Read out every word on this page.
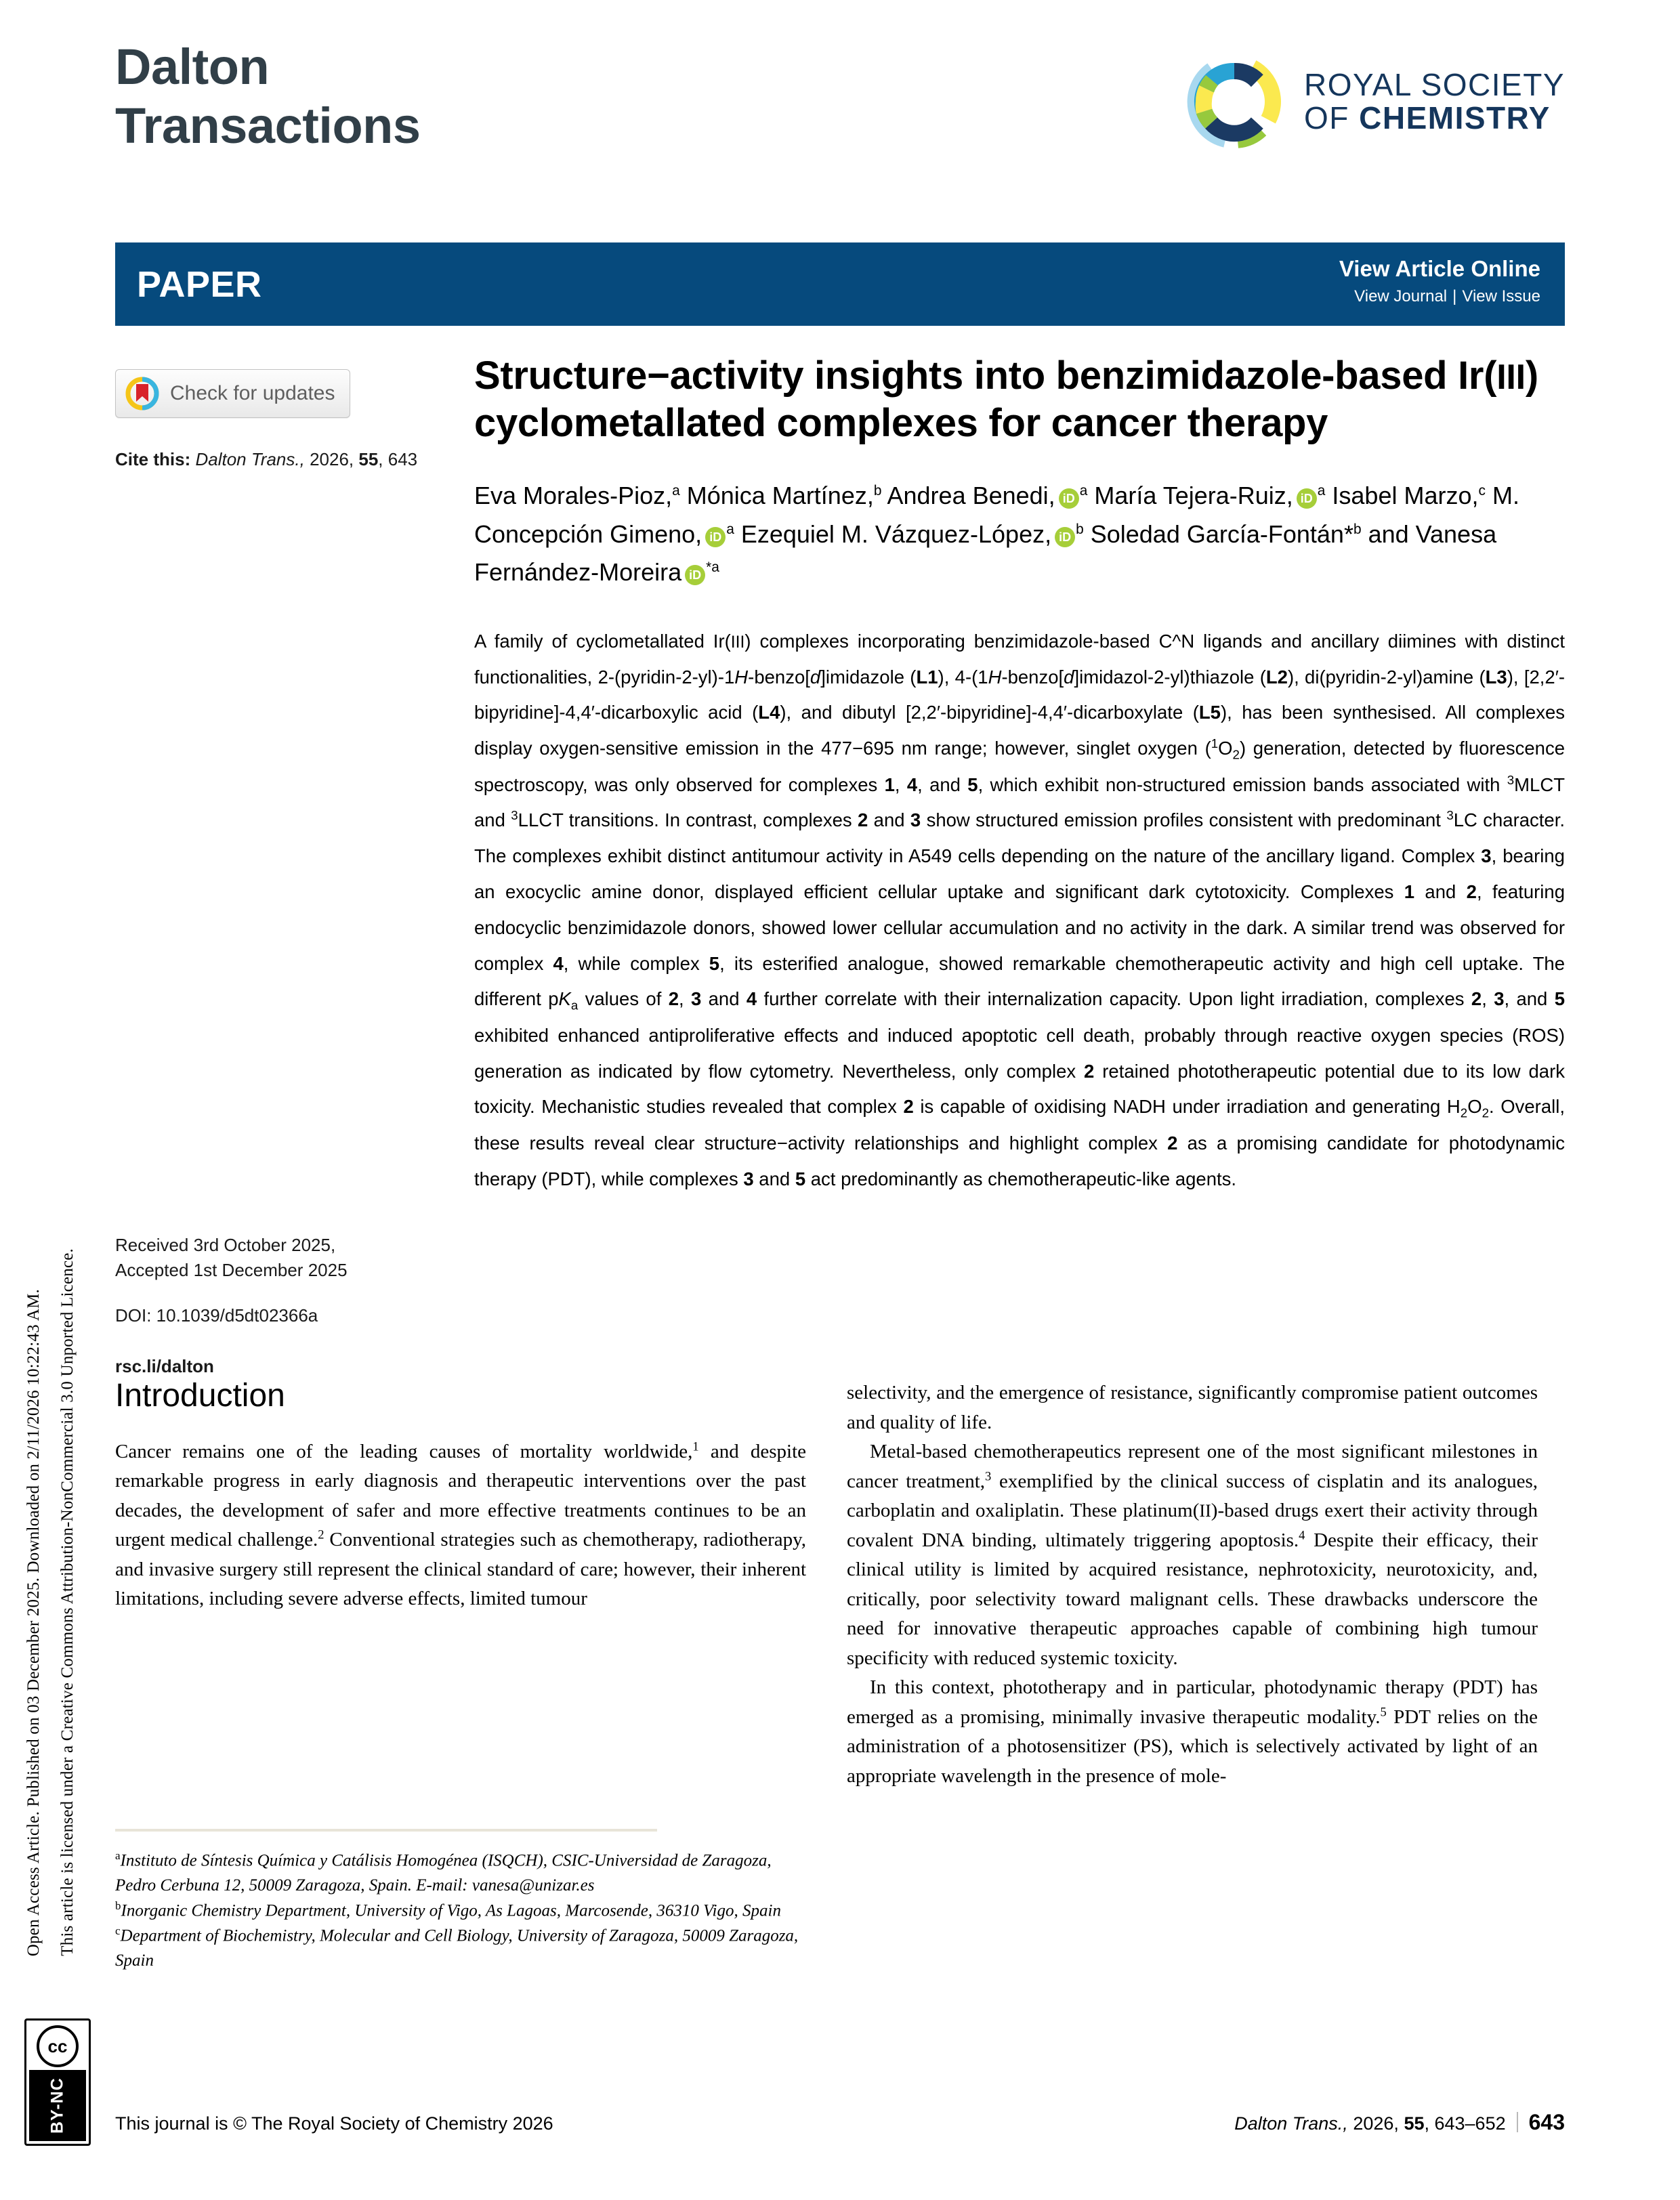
Open Access Article. Published on 03 December 2025. Downloaded on 2/11/2026 10:22:43 AM. This article is licensed under a Creative Commons Attribution-NonCommercial 3.0 Unported Licence.
cc
BY-NC
Dalton
Transactions
ROYAL SOCIETY
OF CHEMISTRY
PAPER	View Article Online
View Journal | View Issue
Check for updates
Cite this: Dalton Trans., 2026, 55, 643
Received 3rd October 2025,
Accepted 1st December 2025
DOI: 10.1039/d5dt02366a
rsc.li/dalton
Structure−activity insights into benzimidazole-based Ir(III) cyclometallated complexes for cancer therapy
Eva Morales-Pioz,$^a$ Mónica Martínez,$^b$ Andrea Benedi, iD $^a$ María Tejera-Ruiz, iD $^a$ Isabel Marzo,$^c$ M. Concepción Gimeno, iD $^a$ Ezequiel M. Vázquez-López, iD $^b$ Soledad García-Fontán*$^b$ and Vanesa Fernández-Moreira iD $^{*a}$
A family of cyclometallated Ir(III) complexes incorporating benzimidazole-based C^N ligands and ancillary diimines with distinct functionalities, 2-(pyridin-2-yl)-1H-benzo[d]imidazole (L1), 4-(1H-benzo[d]imidazol-2-yl)thiazole (L2), di(pyridin-2-yl)amine (L3), [2,2′-bipyridine]-4,4′-dicarboxylic acid (L4), and dibutyl [2,2′-bipyridine]-4,4′-dicarboxylate (L5), has been synthesised. All complexes display oxygen-sensitive emission in the 477−695 nm range; however, singlet oxygen $(^1O_2)$ generation, detected by fluorescence spectroscopy, was only observed for complexes 1, 4, and 5, which exhibit non-structured emission bands associated with $^3$MLCT and $^3$LLCT transitions. In contrast, complexes 2 and 3 show structured emission profiles consistent with predominant $^3$LC character. The complexes exhibit distinct antitumour activity in A549 cells depending on the nature of the ancillary ligand. Complex 3, bearing an exocyclic amine donor, displayed efficient cellular uptake and significant dark cytotoxicity. Complexes 1 and 2, featuring endocyclic benzimidazole donors, showed lower cellular accumulation and no activity in the dark. A similar trend was observed for complex 4, while complex 5, its esterified analogue, showed remarkable chemotherapeutic activity and high cell uptake. The different $pK_a$ values of 2, 3 and 4 further correlate with their internalization capacity. Upon light irradiation, complexes 2, 3, and 5 exhibited enhanced antiproliferative effects and induced apoptotic cell death, probably through reactive oxygen species (ROS) generation as indicated by flow cytometry. Nevertheless, only complex 2 retained phototherapeutic potential due to its low dark toxicity. Mechanistic studies revealed that complex 2 is capable of oxidising NADH under irradiation and generating $H_2O_2$. Overall, these results reveal clear structure−activity relationships and highlight complex 2 as a promising candidate for photodynamic therapy (PDT), while complexes 3 and 5 act predominantly as chemotherapeutic-like agents.
Introduction

Cancer remains one of the leading causes of mortality worldwide,$^1$ and despite remarkable progress in early diagnosis and therapeutic interventions over the past decades, the development of safer and more effective treatments continues to be an urgent medical challenge.$^2$ Conventional strategies such as chemotherapy, radiotherapy, and invasive surgery still represent the clinical standard of care; however, their inherent limitations, including severe adverse effects, limited tumour

selectivity, and the emergence of resistance, significantly compromise patient outcomes and quality of life.

Metal-based chemotherapeutics represent one of the most significant milestones in cancer treatment,$^3$ exemplified by the clinical success of cisplatin and its analogues, carboplatin and oxaliplatin. These platinum(II)-based drugs exert their activity through covalent DNA binding, ultimately triggering apoptosis.$^4$ Despite their efficacy, their clinical utility is limited by acquired resistance, nephrotoxicity, neurotoxicity, and, critically, poor selectivity toward malignant cells. These drawbacks underscore the need for innovative therapeutic approaches capable of combining high tumour specificity with reduced systemic toxicity.

In this context, phototherapy and in particular, photodynamic therapy (PDT) has emerged as a promising, minimally invasive therapeutic modality.$^5$ PDT relies on the administration of a photosensitizer (PS), which is selectively activated by light of an appropriate wavelength in the presence of mole-

$^a$Instituto de Síntesis Química y Catálisis Homogénea (ISQCH), CSIC-Universidad de Zaragoza, Pedro Cerbuna 12, 50009 Zaragoza, Spain. E-mail: vanesa@unizar.es
$^b$Inorganic Chemistry Department, University of Vigo, As Lagoas, Marcosende, 36310 Vigo, Spain
$^c$Department of Biochemistry, Molecular and Cell Biology, University of Zaragoza, 50009 Zaragoza, Spain
This journal is © The Royal Society of Chemistry 2026	Dalton Trans.,
2026,
55 , 643–652 643
